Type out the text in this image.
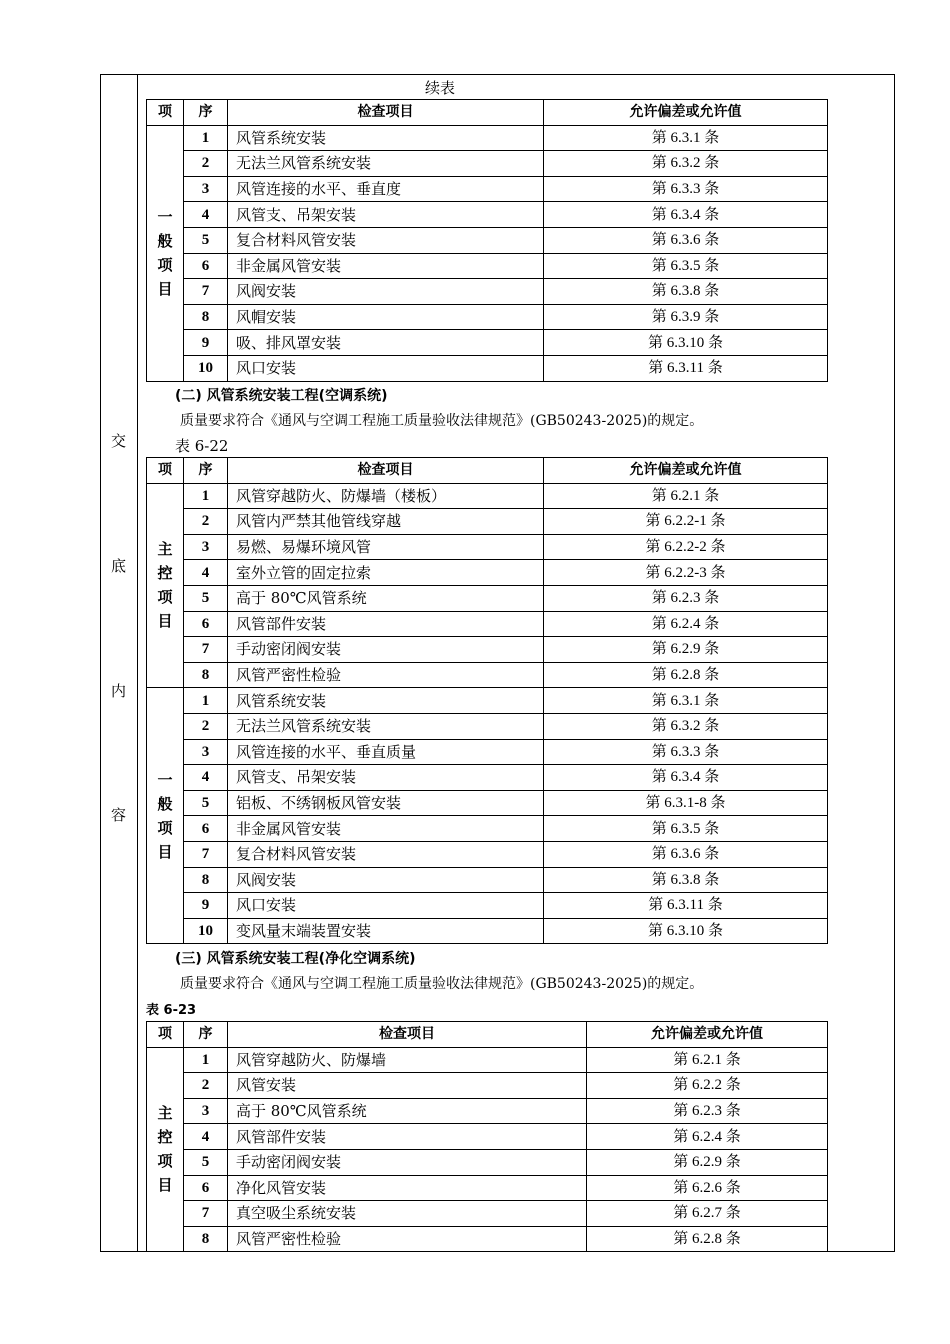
交
底
内
容
续表
项	序	检查项目	允许偏差或允许值

一
般
项
目	1	风管系统安装	第 6.3.1 条
	2	无法兰风管系统安装	第 6.3.2 条
	3	风管连接的水平、垂直度	第 6.3.3 条
	4	风管支、吊架安装	第 6.3.4 条
	5	复合材料风管安装	第 6.3.6 条
	6	非金属风管安装	第 6.3.5 条
	7	风阀安装	第 6.3.8 条
	8	风帽安装	第 6.3.9 条
	9	吸、排风罩安装	第 6.3.10 条
	10	风口安装	第 6.3.11 条
(二) 风管系统安装工程(空调系统)
质量要求符合《通风与空调工程施工质量验收法律规范》(GB50243-2025)的规定。
表 6-22
项	序	检查项目	允许偏差或允许值

主
控
项
目	1	风管穿越防火、防爆墙（楼板）	第 6.2.1 条
	2	风管内严禁其他管线穿越	第 6.2.2-1 条
	3	易燃、易爆环境风管	第 6.2.2-2 条
	4	室外立管的固定拉索	第 6.2.2-3 条
	5	高于 80℃风管系统	第 6.2.3 条
	6	风管部件安装	第 6.2.4 条
	7	手动密闭阀安装	第 6.2.9 条
	8	风管严密性检验	第 6.2.8 条

一
般
项
目	1	风管系统安装	第 6.3.1 条
	2	无法兰风管系统安装	第 6.3.2 条
	3	风管连接的水平、垂直质量	第 6.3.3 条
	4	风管支、吊架安装	第 6.3.4 条
	5	铝板、不绣钢板风管安装	第 6.3.1-8 条
	6	非金属风管安装	第 6.3.5 条
	7	复合材料风管安装	第 6.3.6 条
	8	风阀安装	第 6.3.8 条
	9	风口安装	第 6.3.11 条
	10	变风量末端装置安装	第 6.3.10 条
(三) 风管系统安装工程(净化空调系统)
质量要求符合《通风与空调工程施工质量验收法律规范》(GB50243-2025)的规定。
表 6-23
项	序	检查项目	允许偏差或允许值

主
控
项
目	1	风管穿越防火、防爆墙	第 6.2.1 条
	2	风管安装	第 6.2.2 条
	3	高于 80℃风管系统	第 6.2.3 条
	4	风管部件安装	第 6.2.4 条
	5	手动密闭阀安装	第 6.2.9 条
	6	净化风管安装	第 6.2.6 条
	7	真空吸尘系统安装	第 6.2.7 条
	8	风管严密性检验	第 6.2.8 条
